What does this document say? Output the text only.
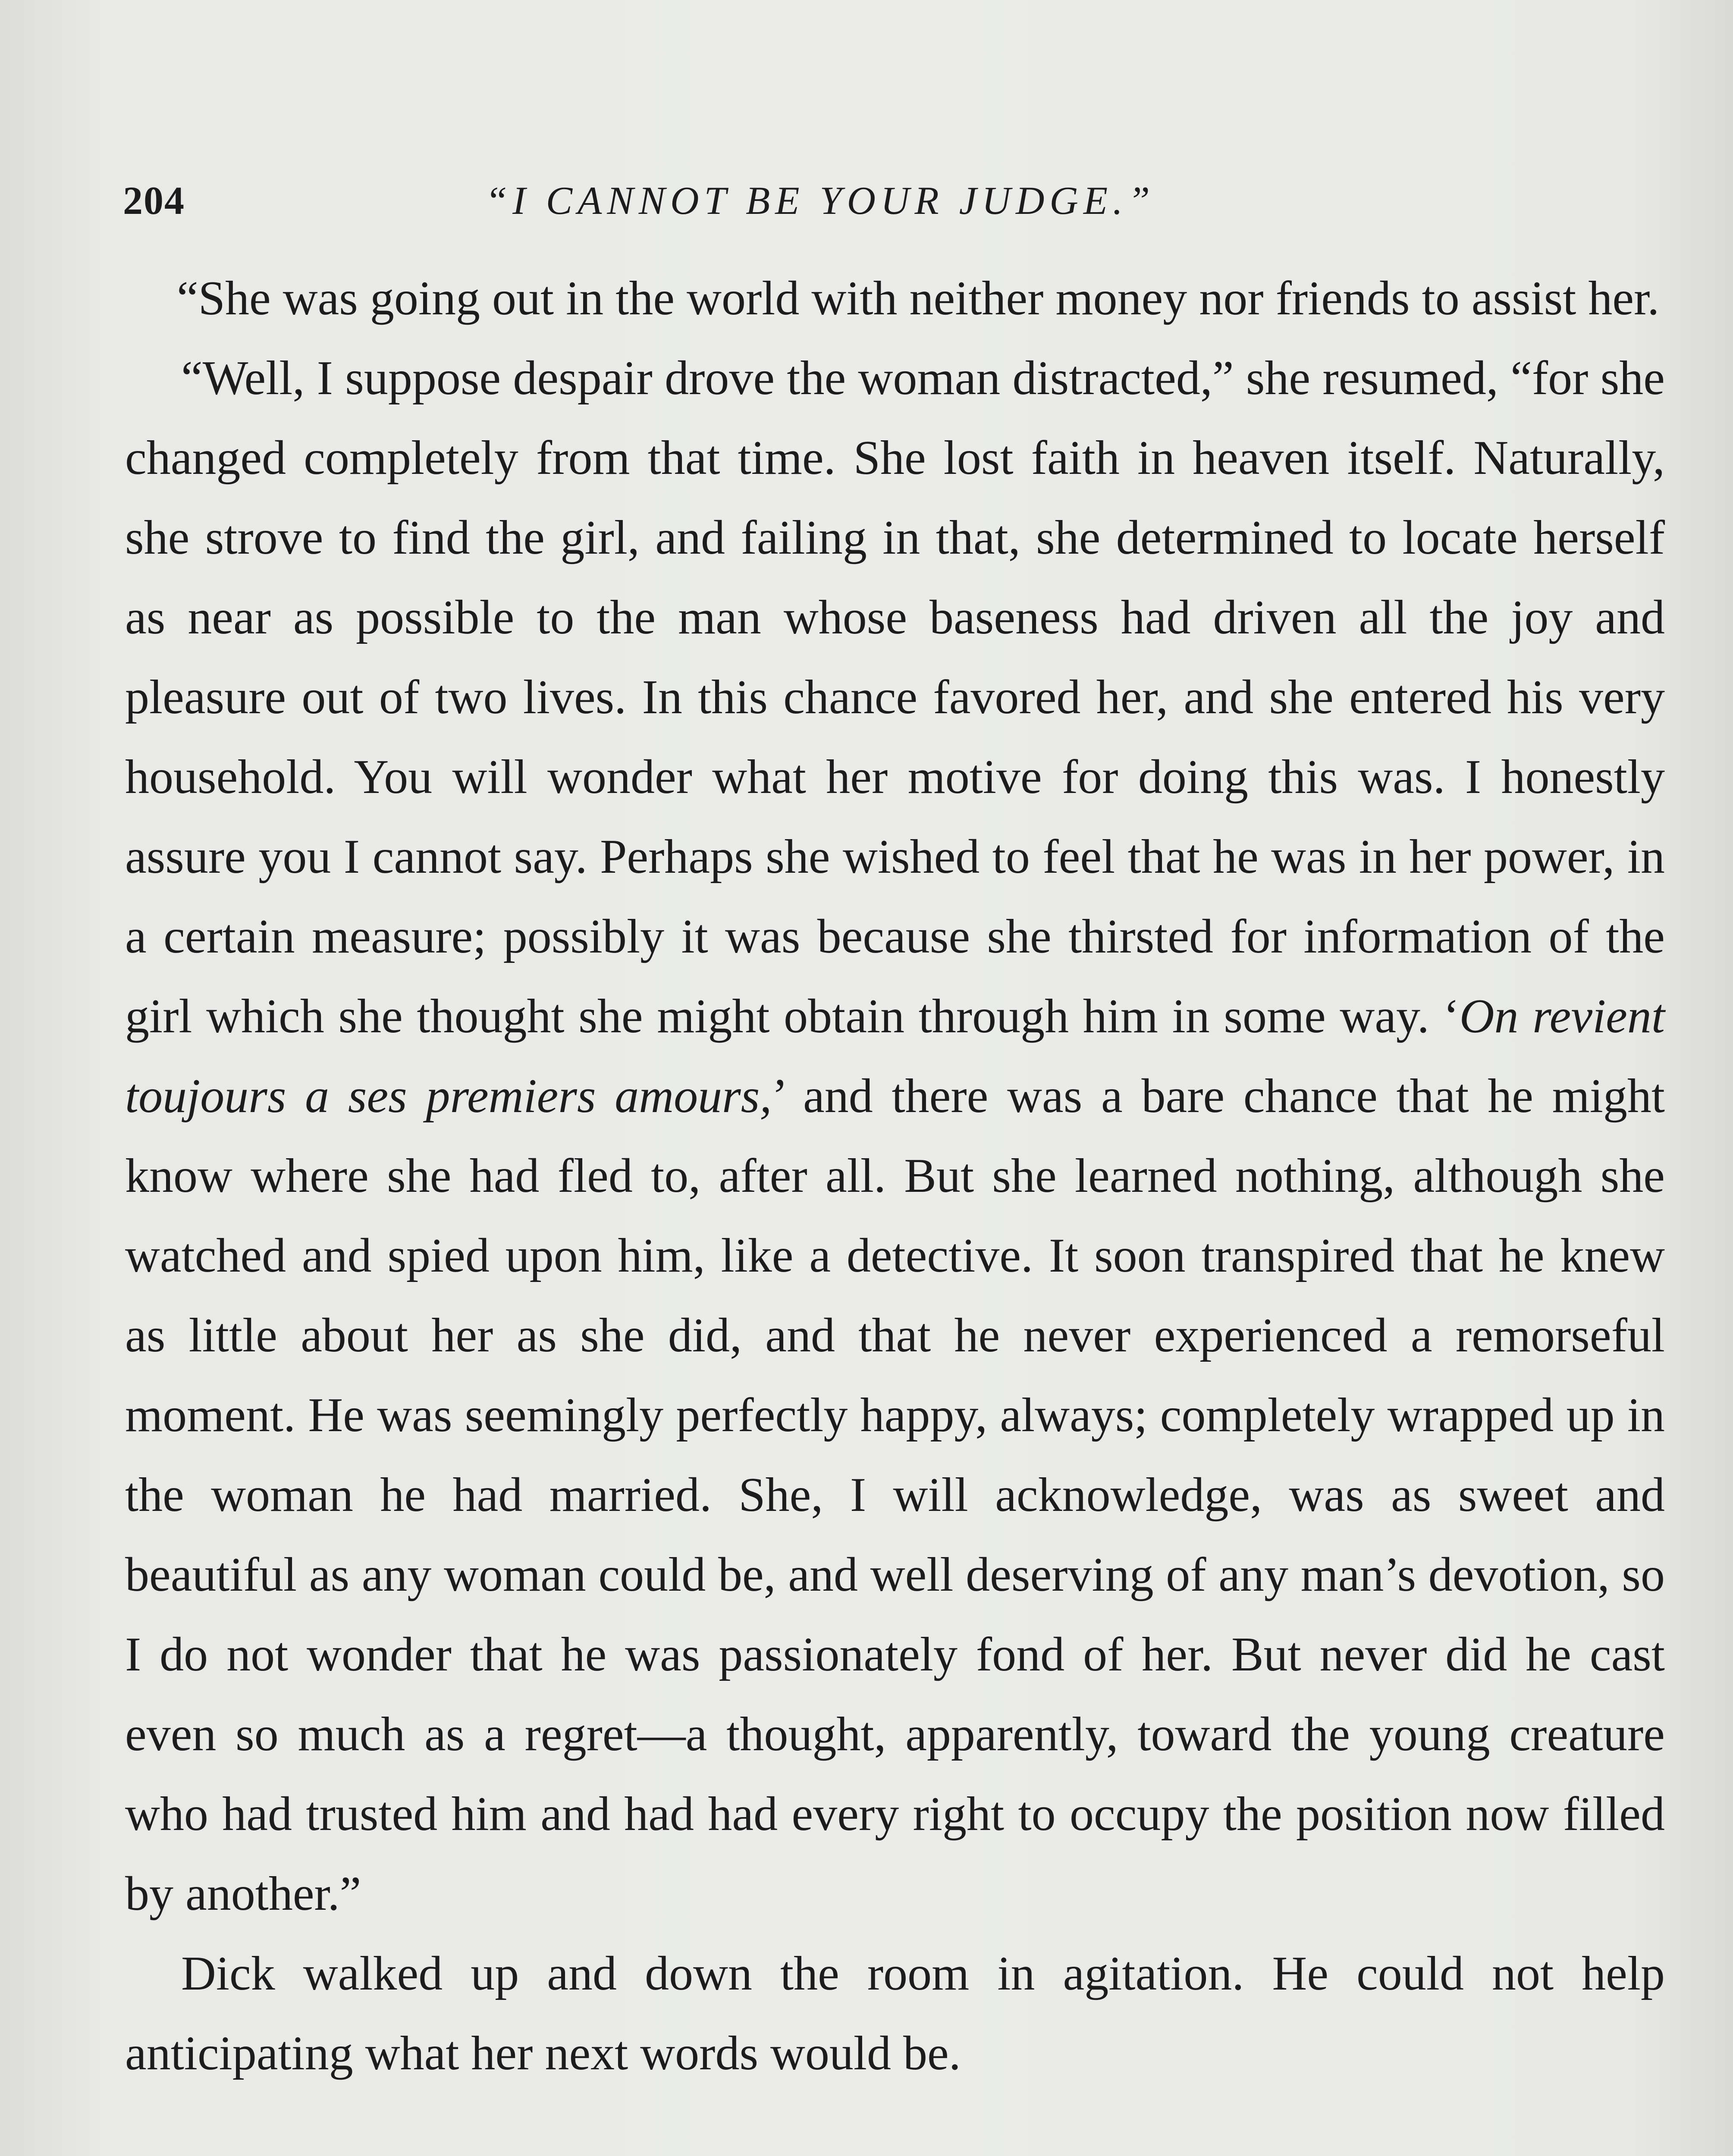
204	“I CANNOT BE YOUR JUDGE.”

“She was going out in the world with neither money nor friends to assist her.

“Well, I suppose despair drove the woman distracted,” she resumed, “for she changed completely from that time. She lost faith in heaven itself. Naturally, she strove to find the girl, and failing in that, she determined to locate herself as near as possible to the man whose baseness had driven all the joy and pleasure out of two lives. In this chance favored her, and she entered his very household. You will wonder what her motive for doing this was. I honestly assure you I cannot say. Perhaps she wished to feel that he was in her power, in a certain measure; possibly it was because she thirsted for information of the girl which she thought she might obtain through him in some way. ‘On revient toujours a ses premiers amours,’ and there was a bare chance that he might know where she had fled to, after all. But she learned nothing, although she watched and spied upon him, like a detective. It soon transpired that he knew as little about her as she did, and that he never experienced a remorseful moment. He was seemingly perfectly happy, always; completely wrapped up in the woman he had married. She, I will acknowledge, was as sweet and beautiful as any woman could be, and well deserving of any man’s devotion, so I do not wonder that he was passionately fond of her. But never did he cast even so much as a regret—a thought, apparently, toward the young creature who had trusted him and had had every right to occupy the position now filled by another.”

Dick walked up and down the room in agitation. He could not help anticipating what her next words would be.
